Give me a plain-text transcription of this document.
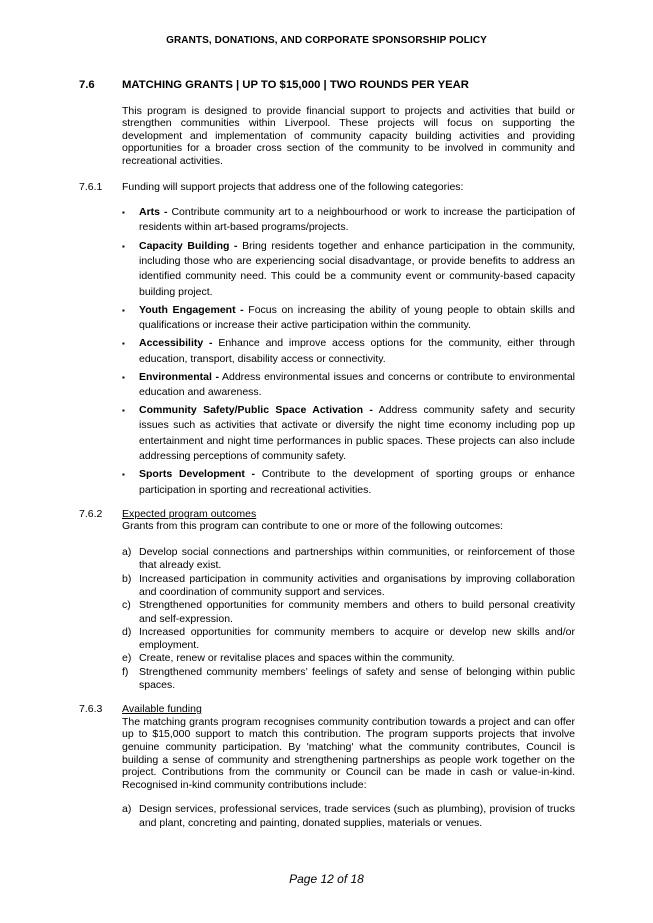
GRANTS, DONATIONS, AND CORPORATE SPONSORSHIP POLICY
7.6	MATCHING GRANTS | UP TO $15,000 | TWO ROUNDS PER YEAR

This program is designed to provide financial support to projects and activities that build or strengthen communities within Liverpool. These projects will focus on supporting the development and implementation of community capacity building activities and providing opportunities for a broader cross section of the community to be involved in community and recreational activities.

7.6.1	Funding will support projects that address one of the following categories:
▪	Arts - Contribute community art to a neighbourhood or work to increase the participation of residents within art-based programs/projects.
▪	Capacity Building - Bring residents together and enhance participation in the community, including those who are experiencing social disadvantage, or provide benefits to address an identified community need. This could be a community event or community-based capacity building project.
▪	Youth Engagement - Focus on increasing the ability of young people to obtain skills and qualifications or increase their active participation within the community.
▪	Accessibility - Enhance and improve access options for the community, either through education, transport, disability access or connectivity.
▪	Environmental - Address environmental issues and concerns or contribute to environmental education and awareness.
▪	Community Safety/Public Space Activation - Address community safety and security issues such as activities that activate or diversify the night time economy including pop up entertainment and night time performances in public spaces. These projects can also include addressing perceptions of community safety.
▪	Sports Development - Contribute to the development of sporting groups or enhance participation in sporting and recreational activities.
7.6.2	Expected program outcomes
Grants from this program can contribute to one or more of the following outcomes:
a) Develop social connections and partnerships within communities, or reinforcement of those that already exist.
b) Increased participation in community activities and organisations by improving collaboration and coordination of community support and services.
c) Strengthened opportunities for community members and others to build personal creativity and self-expression.
d) Increased opportunities for community members to acquire or develop new skills and/or employment.
e) Create, renew or revitalise places and spaces within the community.
f)	Strengthened community members’ feelings of safety and sense of belonging within public spaces.
7.6.3	Available funding
The matching grants program recognises community contribution towards a project and can offer up to $15,000 support to match this contribution. The program supports projects that involve genuine community participation. By 'matching' what the community contributes, Council is building a sense of community and strengthening partnerships as people work together on the project. Contributions from the community or Council can be made in cash or value-in-kind. Recognised in-kind community contributions include:
a) Design services, professional services, trade services (such as plumbing), provision of trucks and plant, concreting and painting, donated supplies, materials or venues.
Page 12 of 18
